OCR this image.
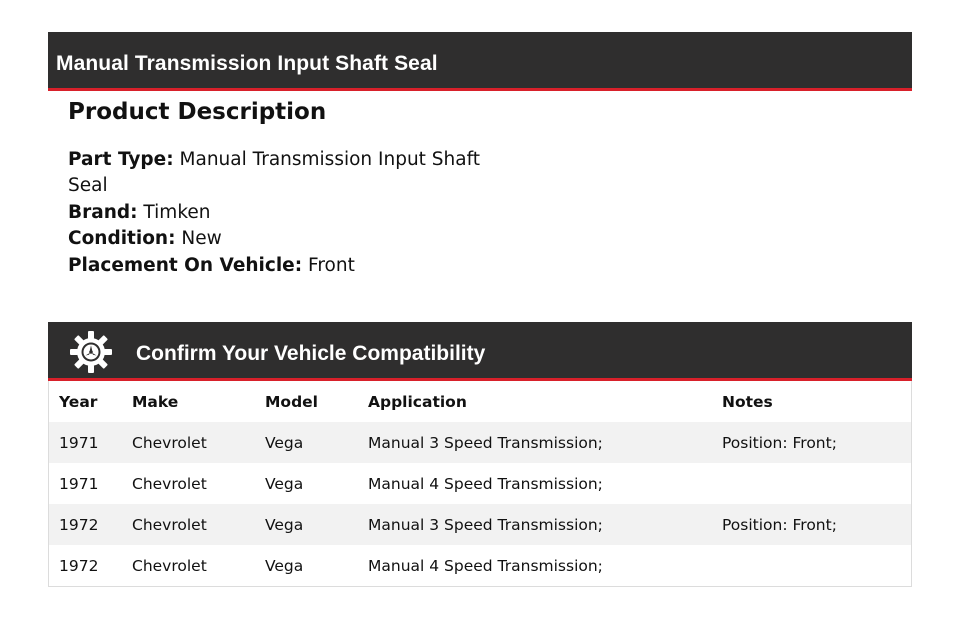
Manual Transmission Input Shaft Seal
Product Description
Part Type: Manual Transmission Input Shaft Seal
Brand: Timken
Condition: New
Placement On Vehicle: Front
Confirm Your Vehicle Compatibility
Year	Make	Model	Application	Notes
1971	Chevrolet	Vega	Manual 3 Speed Transmission;	Position: Front;
1971	Chevrolet	Vega	Manual 4 Speed Transmission;
1972	Chevrolet	Vega	Manual 3 Speed Transmission;	Position: Front;
1972	Chevrolet	Vega	Manual 4 Speed Transmission;
